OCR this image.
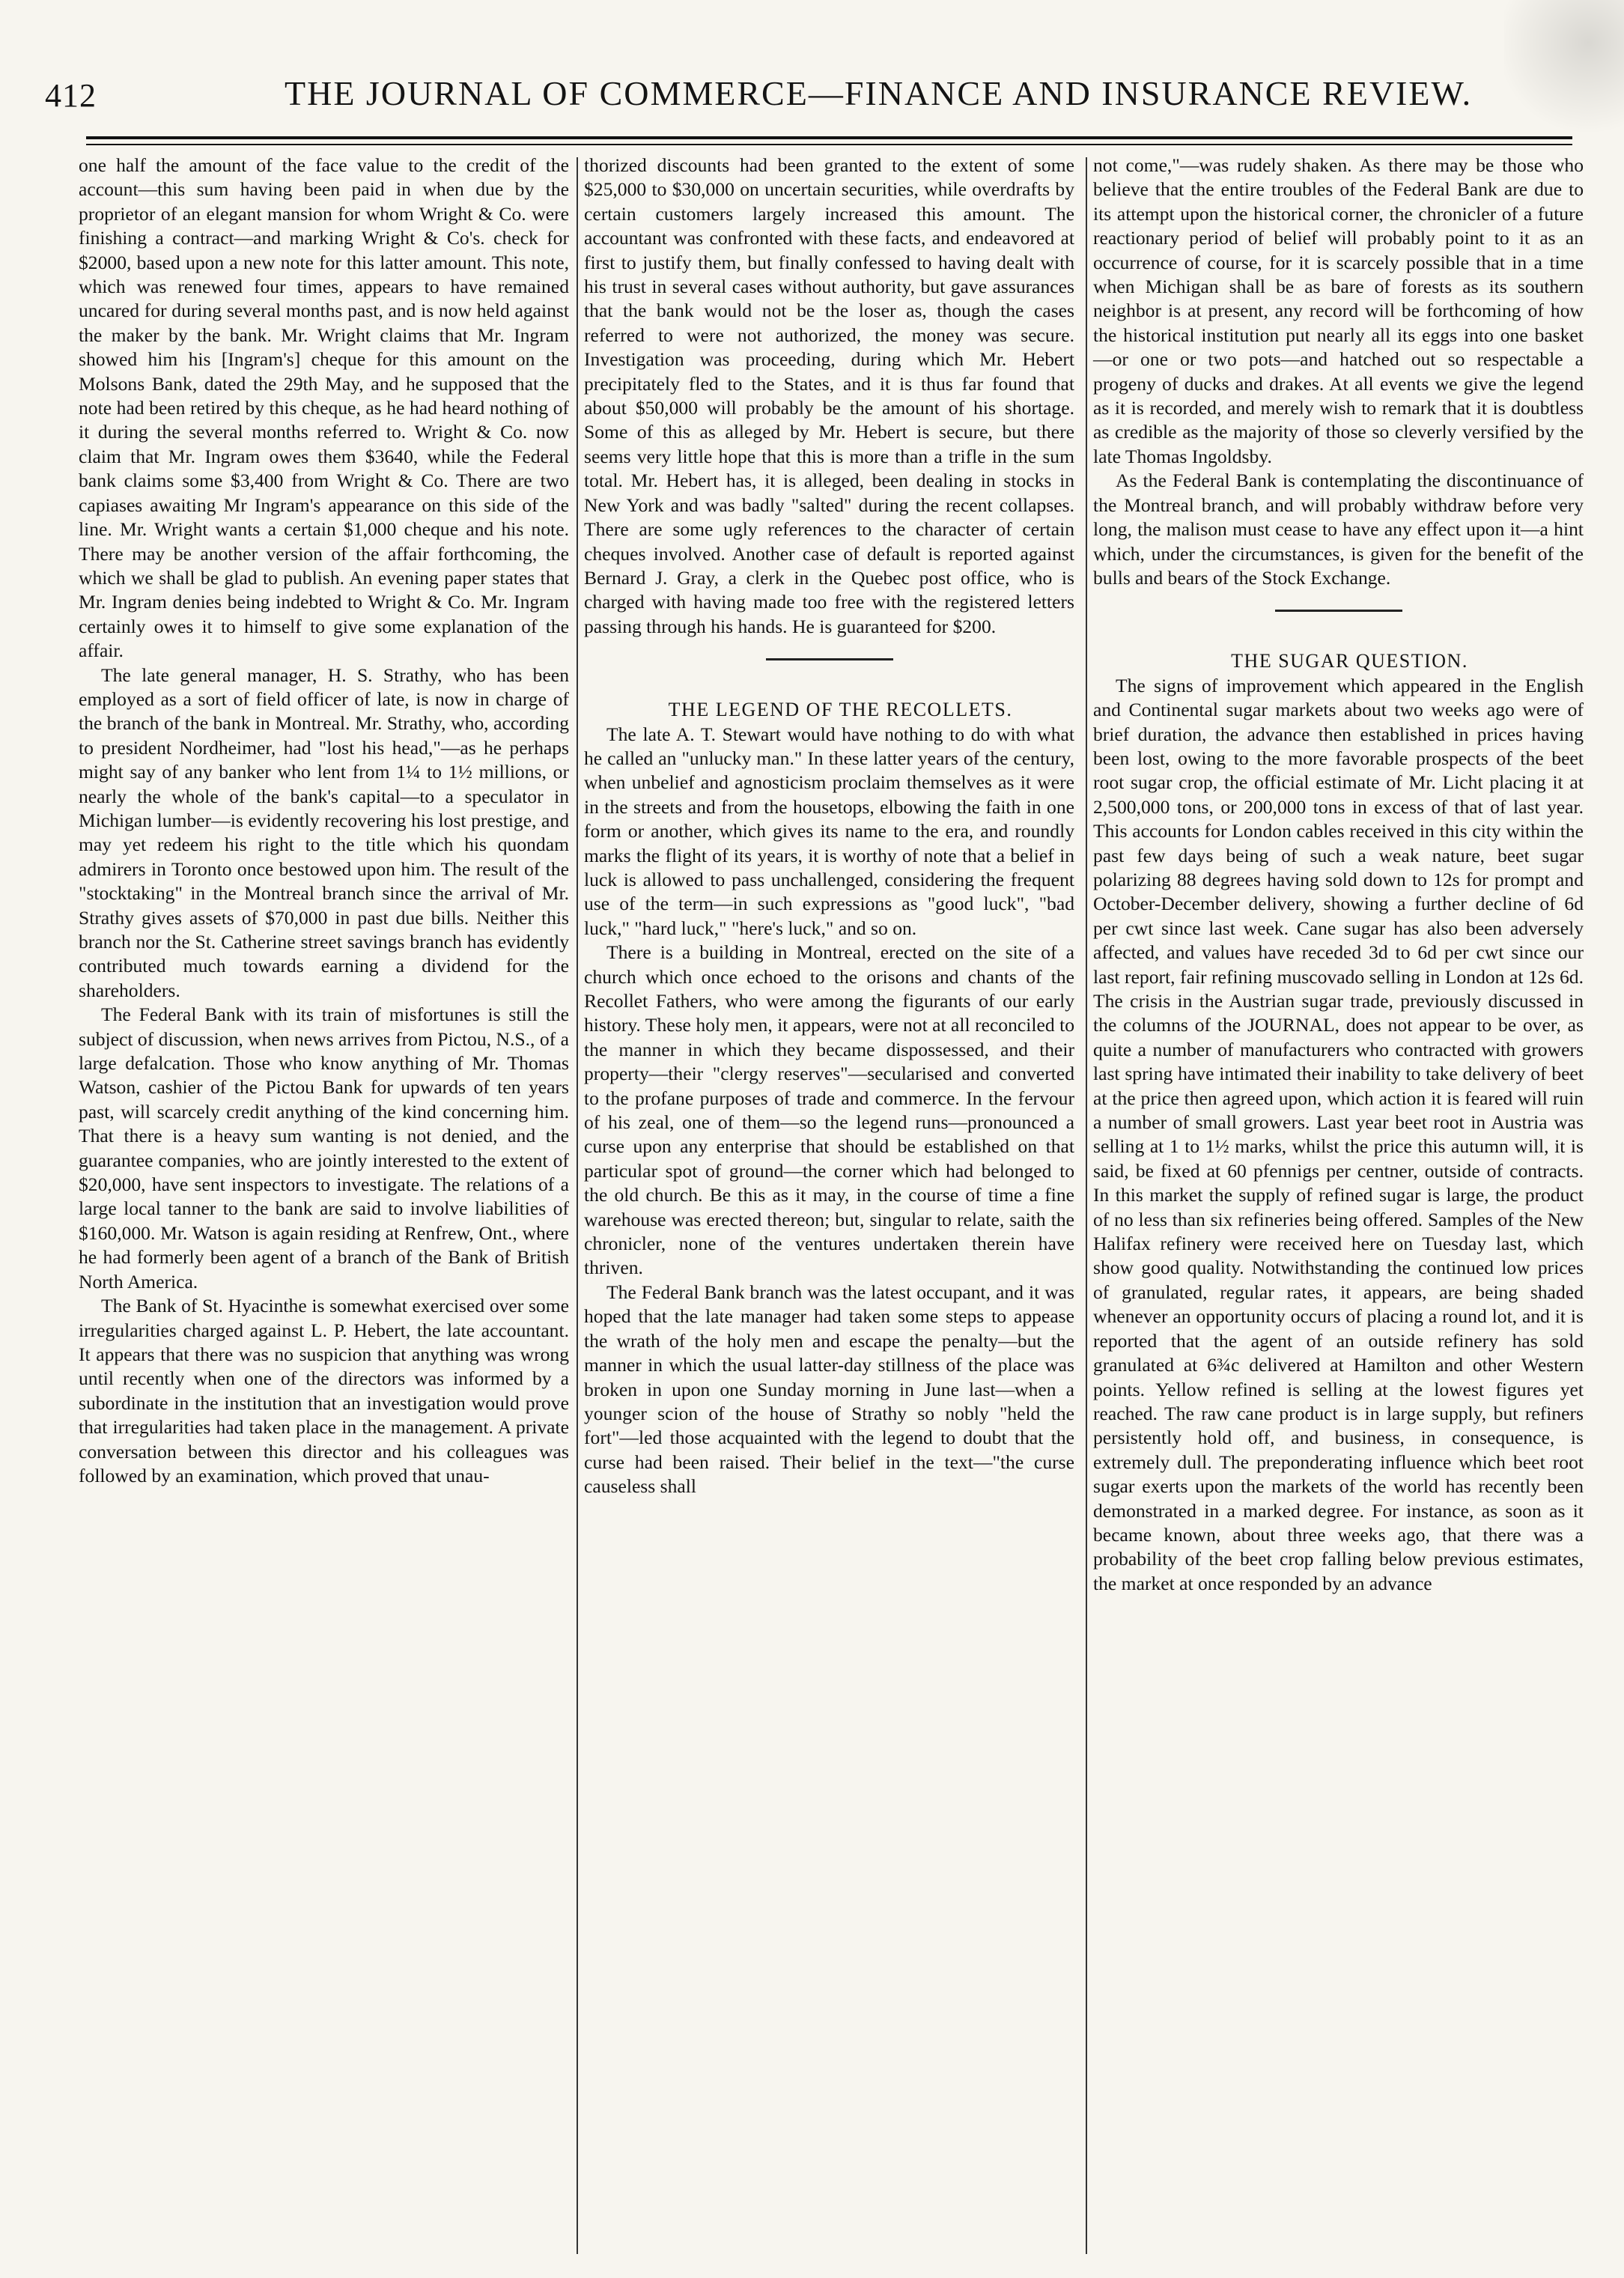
412	THE JOURNAL OF COMMERCE—FINANCE AND INSURANCE REVIEW.

one half the amount of the face value to the credit of the account—this sum having been paid in when due by the proprietor of an elegant mansion for whom Wright & Co. were finishing a contract—and marking Wright & Co's. check for $2000, based upon a new note for this latter amount. This note, which was renewed four times, appears to have remained uncared for during several months past, and is now held against the maker by the bank. Mr. Wright claims that Mr. Ingram showed him his [Ingram's] cheque for this amount on the Molsons Bank, dated the 29th May, and he supposed that the note had been retired by this cheque, as he had heard nothing of it during the several months referred to. Wright & Co. now claim that Mr. Ingram owes them $3640, while the Federal bank claims some $3,400 from Wright & Co. There are two capiases awaiting Mr Ingram's appearance on this side of the line. Mr. Wright wants a certain $1,000 cheque and his note. There may be another version of the affair forthcoming, the which we shall be glad to publish. An evening paper states that Mr. Ingram denies being indebted to Wright & Co. Mr. Ingram certainly owes it to himself to give some explanation of the affair.

The late general manager, H. S. Strathy, who has been employed as a sort of field officer of late, is now in charge of the branch of the bank in Montreal. Mr. Strathy, who, according to president Nordheimer, had "lost his head,"—as he perhaps might say of any banker who lent from 1¼ to 1½ millions, or nearly the whole of the bank's capital—to a speculator in Michigan lumber—is evidently recovering his lost prestige, and may yet redeem his right to the title which his quondam admirers in Toronto once bestowed upon him. The result of the "stocktaking" in the Montreal branch since the arrival of Mr. Strathy gives assets of $70,000 in past due bills. Neither this branch nor the St. Catherine street savings branch has evidently contributed much towards earning a dividend for the shareholders.

The Federal Bank with its train of misfortunes is still the subject of discussion, when news arrives from Pictou, N.S., of a large defalcation. Those who know anything of Mr. Thomas Watson, cashier of the Pictou Bank for upwards of ten years past, will scarcely credit anything of the kind concerning him. That there is a heavy sum wanting is not denied, and the guarantee companies, who are jointly interested to the extent of $20,000, have sent inspectors to investigate. The relations of a large local tanner to the bank are said to involve liabilities of $160,000. Mr. Watson is again residing at Renfrew, Ont., where he had formerly been agent of a branch of the Bank of British North America.

The Bank of St. Hyacinthe is somewhat exercised over some irregularities charged against L. P. Hebert, the late accountant. It appears that there was no suspicion that anything was wrong until recently when one of the directors was informed by a subordinate in the institution that an investigation would prove that irregularities had taken place in the management. A private conversation between this director and his colleagues was followed by an examination, which proved that unau-

thorized discounts had been granted to the extent of some $25,000 to $30,000 on uncertain securities, while overdrafts by certain customers largely increased this amount. The accountant was confronted with these facts, and endeavored at first to justify them, but finally confessed to having dealt with his trust in several cases without authority, but gave assurances that the bank would not be the loser as, though the cases referred to were not authorized, the money was secure. Investigation was proceeding, during which Mr. Hebert precipitately fled to the States, and it is thus far found that about $50,000 will probably be the amount of his shortage. Some of this as alleged by Mr. Hebert is secure, but there seems very little hope that this is more than a trifle in the sum total. Mr. Hebert has, it is alleged, been dealing in stocks in New York and was badly "salted" during the recent collapses. There are some ugly references to the character of certain cheques involved. Another case of default is reported against Bernard J. Gray, a clerk in the Quebec post office, who is charged with having made too free with the registered letters passing through his hands. He is guaranteed for $200.

THE LEGEND OF THE RECOLLETS.

The late A. T. Stewart would have nothing to do with what he called an "unlucky man." In these latter years of the century, when unbelief and agnosticism proclaim themselves as it were in the streets and from the housetops, elbowing the faith in one form or another, which gives its name to the era, and roundly marks the flight of its years, it is worthy of note that a belief in luck is allowed to pass unchallenged, considering the frequent use of the term—in such expressions as "good luck", "bad luck," "hard luck," "here's luck," and so on.

There is a building in Montreal, erected on the site of a church which once echoed to the orisons and chants of the Recollet Fathers, who were among the figurants of our early history. These holy men, it appears, were not at all reconciled to the manner in which they became dispossessed, and their property—their "clergy reserves"—secularised and converted to the profane purposes of trade and commerce. In the fervour of his zeal, one of them—so the legend runs—pronounced a curse upon any enterprise that should be established on that particular spot of ground—the corner which had belonged to the old church. Be this as it may, in the course of time a fine warehouse was erected thereon; but, singular to relate, saith the chronicler, none of the ventures undertaken therein have thriven.

The Federal Bank branch was the latest occupant, and it was hoped that the late manager had taken some steps to appease the wrath of the holy men and escape the penalty—but the manner in which the usual latter-day stillness of the place was broken in upon one Sunday morning in June last—when a younger scion of the house of Strathy so nobly "held the fort"—led those acquainted with the legend to doubt that the curse had been raised. Their belief in the text—"the curse causeless shall

not come,"—was rudely shaken. As there may be those who believe that the entire troubles of the Federal Bank are due to its attempt upon the historical corner, the chronicler of a future reactionary period of belief will probably point to it as an occurrence of course, for it is scarcely possible that in a time when Michigan shall be as bare of forests as its southern neighbor is at present, any record will be forthcoming of how the historical institution put nearly all its eggs into one basket—or one or two pots—and hatched out so respectable a progeny of ducks and drakes. At all events we give the legend as it is recorded, and merely wish to remark that it is doubtless as credible as the majority of those so cleverly versified by the late Thomas Ingoldsby.

As the Federal Bank is contemplating the discontinuance of the Montreal branch, and will probably withdraw before very long, the malison must cease to have any effect upon it—a hint which, under the circumstances, is given for the benefit of the bulls and bears of the Stock Exchange.

THE SUGAR QUESTION.

The signs of improvement which appeared in the English and Continental sugar markets about two weeks ago were of brief duration, the advance then established in prices having been lost, owing to the more favorable prospects of the beet root sugar crop, the official estimate of Mr. Licht placing it at 2,500,000 tons, or 200,000 tons in excess of that of last year. This accounts for London cables received in this city within the past few days being of such a weak nature, beet sugar polarizing 88 degrees having sold down to 12s for prompt and October-December delivery, showing a further decline of 6d per cwt since last week. Cane sugar has also been adversely affected, and values have receded 3d to 6d per cwt since our last report, fair refining muscovado selling in London at 12s 6d. The crisis in the Austrian sugar trade, previously discussed in the columns of the JOURNAL, does not appear to be over, as quite a number of manufacturers who contracted with growers last spring have intimated their inability to take delivery of beet at the price then agreed upon, which action it is feared will ruin a number of small growers. Last year beet root in Austria was selling at 1 to 1½ marks, whilst the price this autumn will, it is said, be fixed at 60 pfennigs per centner, outside of contracts. In this market the supply of refined sugar is large, the product of no less than six refineries being offered. Samples of the New Halifax refinery were received here on Tuesday last, which show good quality. Notwithstanding the continued low prices of granulated, regular rates, it appears, are being shaded whenever an opportunity occurs of placing a round lot, and it is reported that the agent of an outside refinery has sold granulated at 6¾c delivered at Hamilton and other Western points. Yellow refined is selling at the lowest figures yet reached. The raw cane product is in large supply, but refiners persistently hold off, and business, in consequence, is extremely dull. The preponderating influence which beet root sugar exerts upon the markets of the world has recently been demonstrated in a marked degree. For instance, as soon as it became known, about three weeks ago, that there was a probability of the beet crop falling below previous estimates, the market at once responded by an advance
